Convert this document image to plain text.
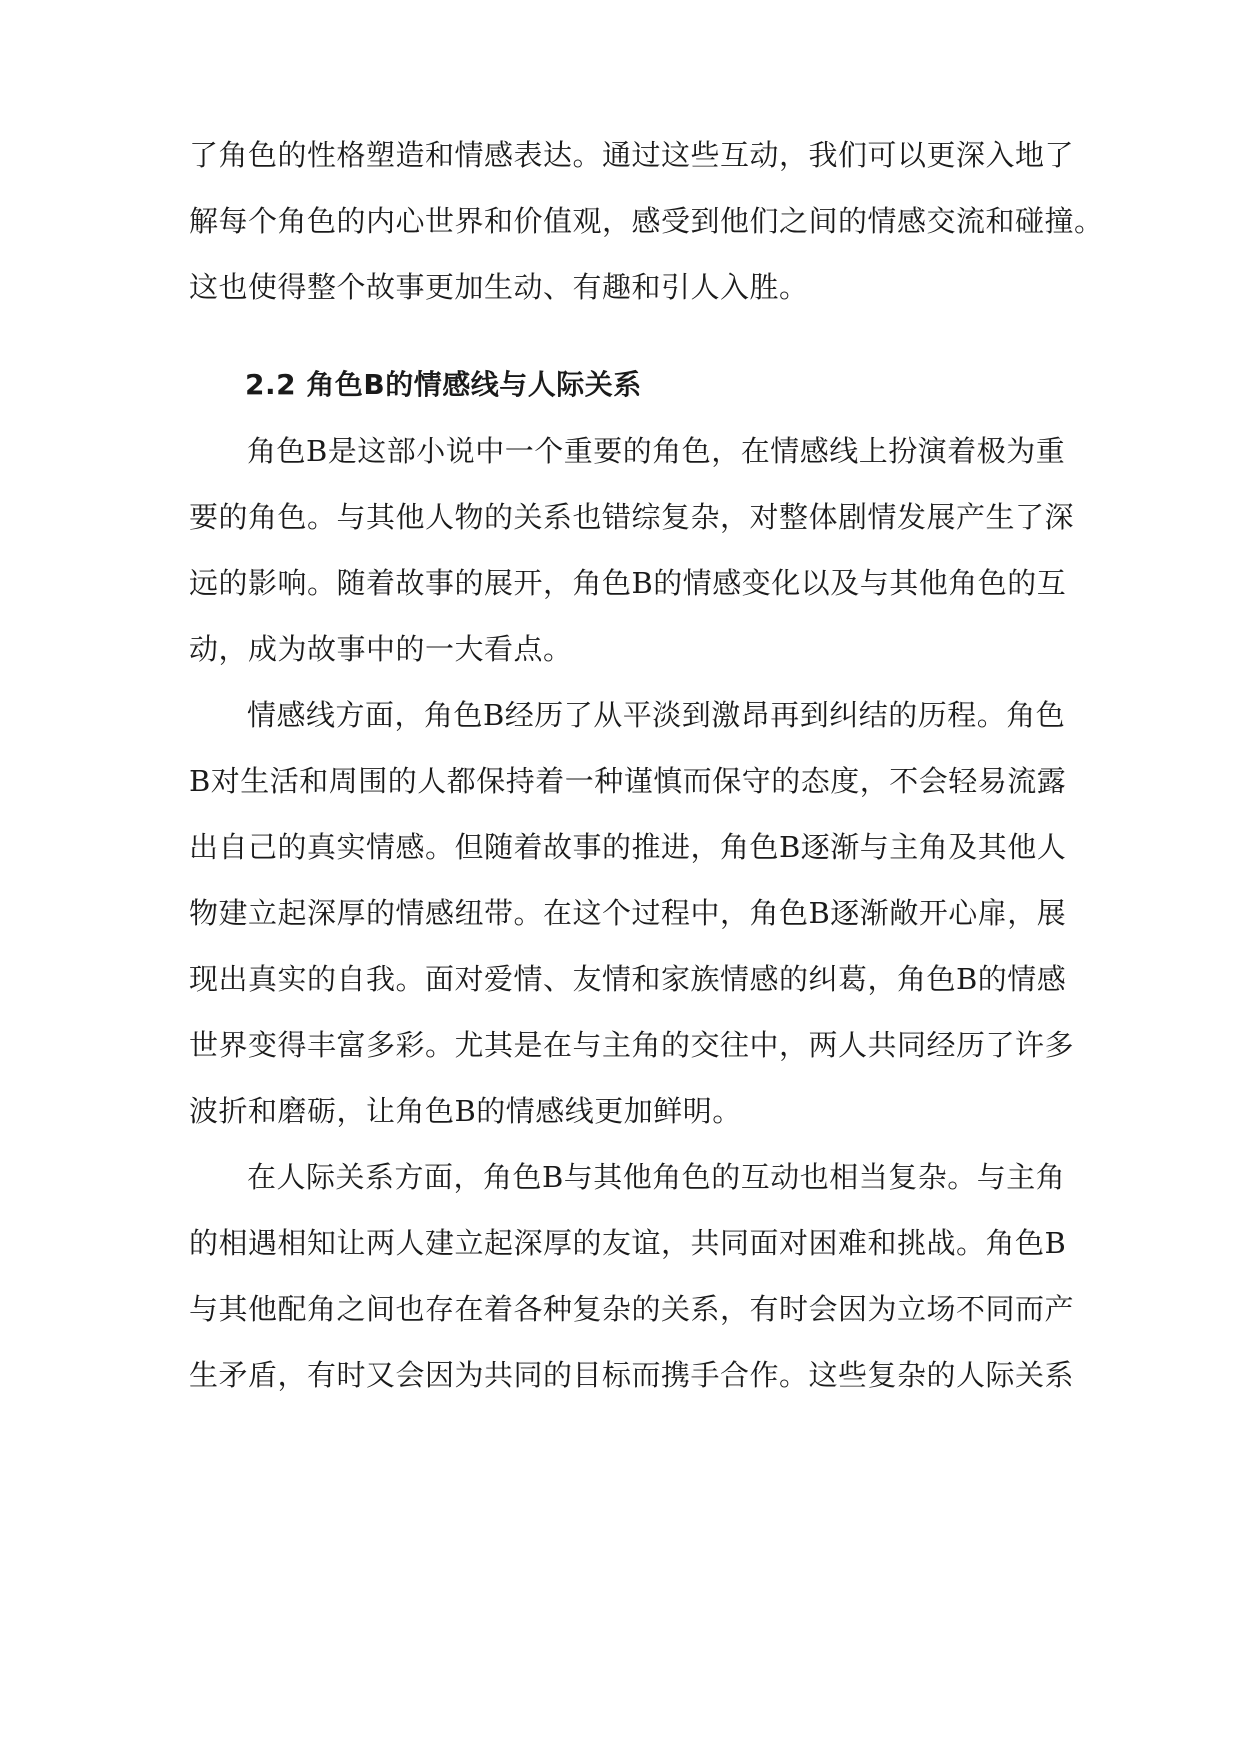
了角色的性格塑造和情感表达。通过这些互动，我们可以更深入地了
解每个角色的内心世界和价值观，感受到他们之间的情感交流和碰撞。
这也使得整个故事更加生动、有趣和引人入胜。
2.2 角色B的情感线与人际关系
角色B是这部小说中一个重要的角色，在情感线上扮演着极为重
要的角色。与其他人物的关系也错综复杂，对整体剧情发展产生了深
远的影响。随着故事的展开，角色B的情感变化以及与其他角色的互
动，成为故事中的一大看点。
情感线方面，角色B经历了从平淡到激昂再到纠结的历程。角色
B对生活和周围的人都保持着一种谨慎而保守的态度，不会轻易流露
出自己的真实情感。但随着故事的推进，角色B逐渐与主角及其他人
物建立起深厚的情感纽带。在这个过程中，角色B逐渐敞开心扉，展
现出真实的自我。面对爱情、友情和家族情感的纠葛，角色B的情感
世界变得丰富多彩。尤其是在与主角的交往中，两人共同经历了许多
波折和磨砺，让角色B的情感线更加鲜明。
在人际关系方面，角色B与其他角色的互动也相当复杂。与主角
的相遇相知让两人建立起深厚的友谊，共同面对困难和挑战。角色B
与其他配角之间也存在着各种复杂的关系，有时会因为立场不同而产
生矛盾，有时又会因为共同的目标而携手合作。这些复杂的人际关系
